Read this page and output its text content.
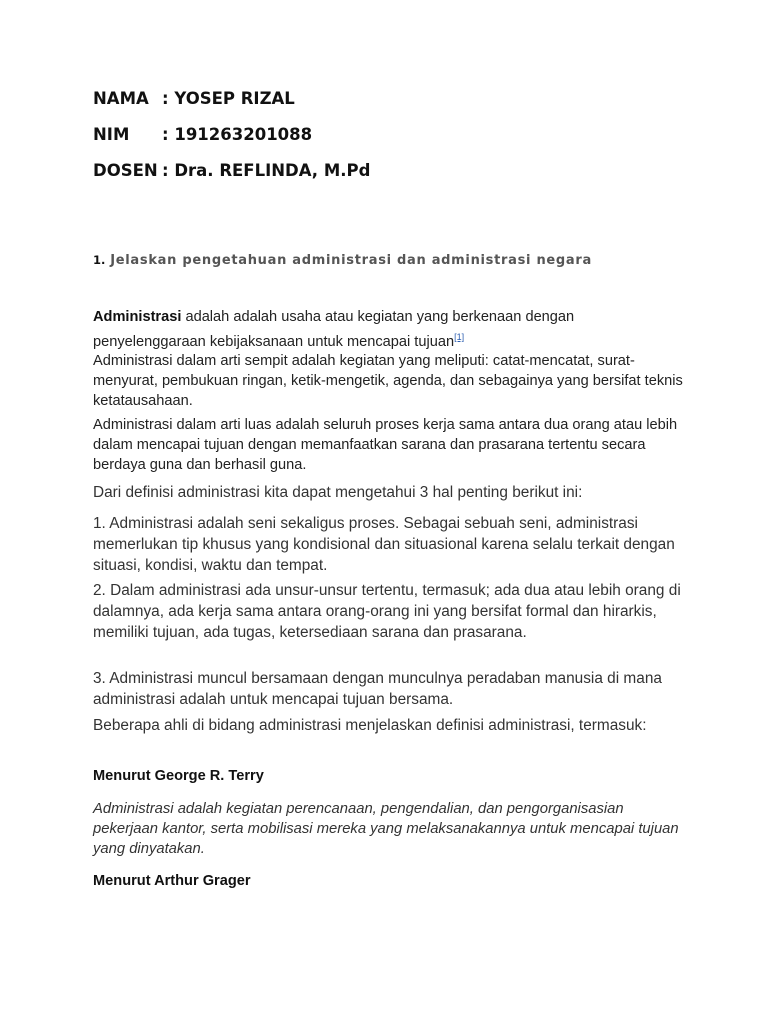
NAMA : YOSEP RIZAL
NIM : 191263201088
DOSEN : Dra. REFLINDA, M.Pd
1. Jelaskan pengetahuan administrasi dan administrasi negara
Administrasi adalah adalah usaha atau kegiatan yang berkenaan dengan penyelenggaraan kebijaksanaan untuk mencapai tujuan[1]
Administrasi dalam arti sempit adalah kegiatan yang meliputi: catat-mencatat, surat-menyurat, pembukuan ringan, ketik-mengetik, agenda, dan sebagainya yang bersifat teknis ketatausahaan.
Administrasi dalam arti luas adalah seluruh proses kerja sama antara dua orang atau lebih dalam mencapai tujuan dengan memanfaatkan sarana dan prasarana tertentu secara berdaya guna dan berhasil guna.
Dari definisi administrasi kita dapat mengetahui 3 hal penting berikut ini:
1. Administrasi adalah seni sekaligus proses. Sebagai sebuah seni, administrasi memerlukan tip khusus yang kondisional dan situasional karena selalu terkait dengan situasi, kondisi, waktu dan tempat.
2. Dalam administrasi ada unsur-unsur tertentu, termasuk; ada dua atau lebih orang di dalamnya, ada kerja sama antara orang-orang ini yang bersifat formal dan hirarkis, memiliki tujuan, ada tugas, ketersediaan sarana dan prasarana.
3. Administrasi muncul bersamaan dengan munculnya peradaban manusia di mana administrasi adalah untuk mencapai tujuan bersama.
Beberapa ahli di bidang administrasi menjelaskan definisi administrasi, termasuk:
Menurut George R. Terry
Administrasi adalah kegiatan perencanaan, pengendalian, dan pengorganisasian pekerjaan kantor, serta mobilisasi mereka yang melaksanakannya untuk mencapai tujuan yang dinyatakan.
Menurut Arthur Grager
